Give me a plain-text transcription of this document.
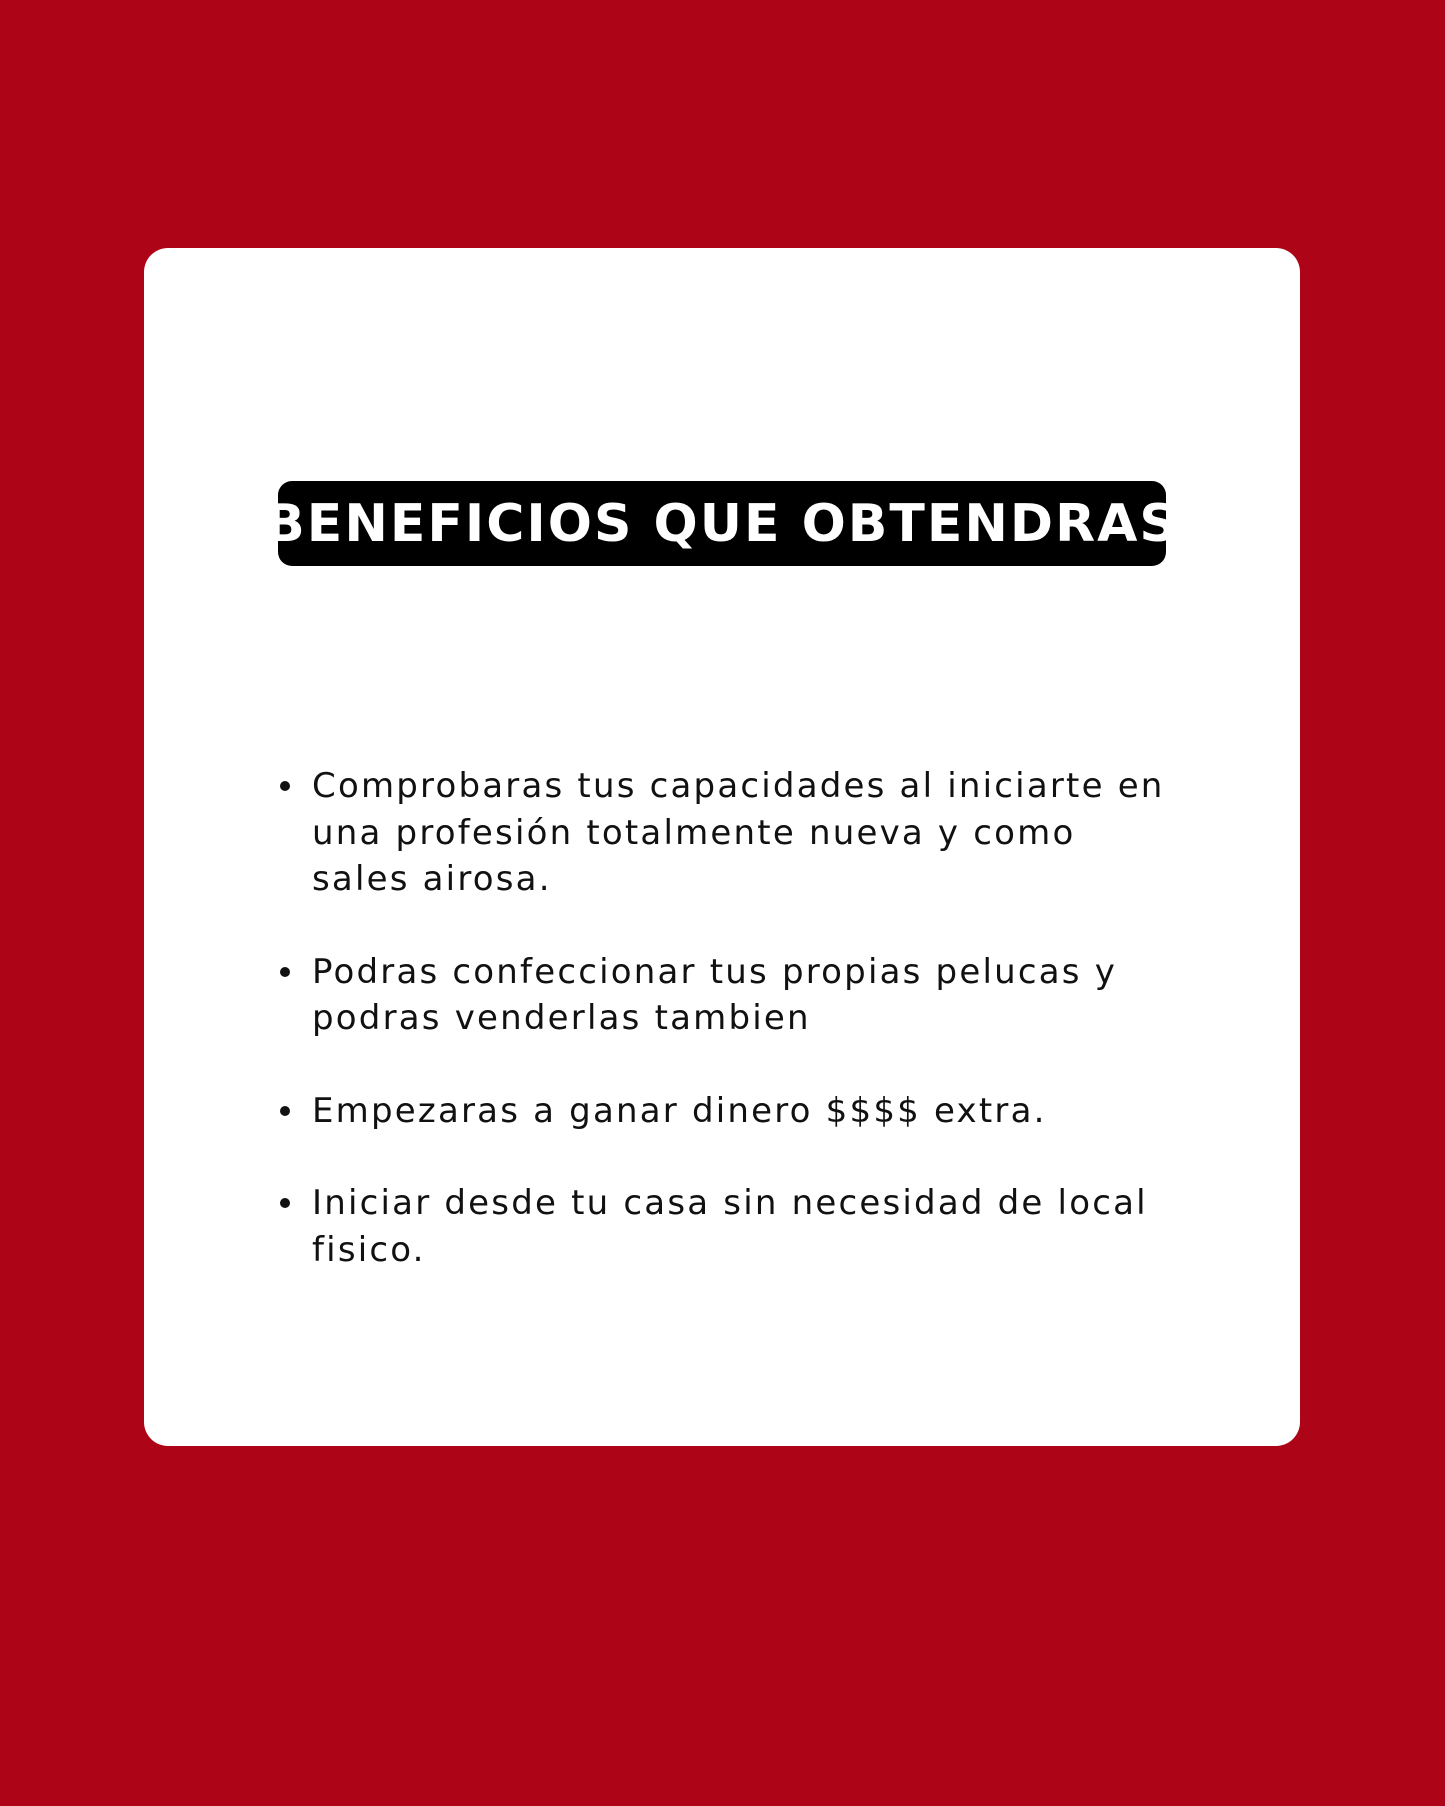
BENEFICIOS QUE OBTENDRAS
Comprobaras tus capacidades al iniciarte en una profesión totalmente nueva y como sales airosa.
Podras confeccionar tus propias pelucas y podras venderlas tambien
Empezaras a ganar dinero $$$$ extra.
Iniciar desde tu casa sin necesidad de local fisico.
